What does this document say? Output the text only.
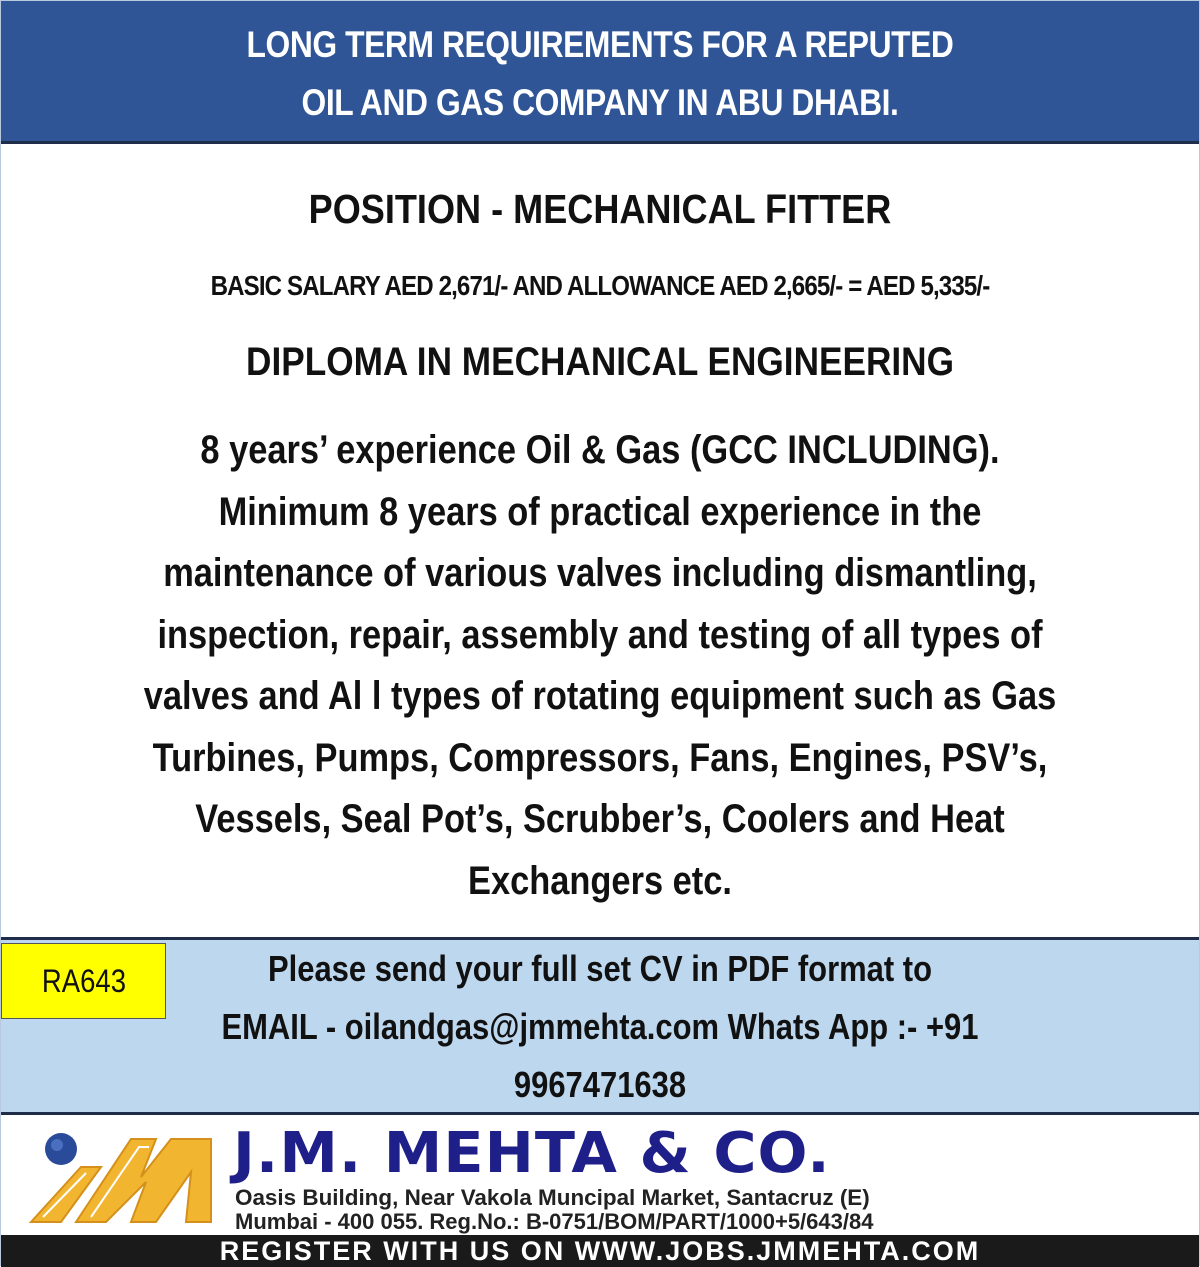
LONG TERM REQUIREMENTS FOR A REPUTED
OIL AND GAS COMPANY IN ABU DHABI.
POSITION - MECHANICAL FITTER
BASIC SALARY AED 2,671/- AND ALLOWANCE AED 2,665/- = AED 5,335/-
DIPLOMA IN MECHANICAL ENGINEERING
8 years’ experience Oil & Gas (GCC INCLUDING).
Minimum 8 years of practical experience in the
maintenance of various valves including dismantling,
inspection, repair, assembly and testing of all types of
valves and Al l types of rotating equipment such as Gas
Turbines, Pumps, Compressors, Fans, Engines, PSV’s,
Vessels, Seal Pot’s, Scrubber’s, Coolers and Heat
Exchangers etc.
RA643	Please send your full set CV in PDF format to
EMAIL - oilandgas@jmmehta.com Whats App :- +91
9967471638
J.M. MEHTA & CO.
Oasis Building, Near Vakola Muncipal Market, Santacruz (E)
Mumbai - 400 055. Reg.No.: B-0751/BOM/PART/1000+5/643/84
REGISTER WITH US ON WWW.JOBS.JMMEHTA.COM
